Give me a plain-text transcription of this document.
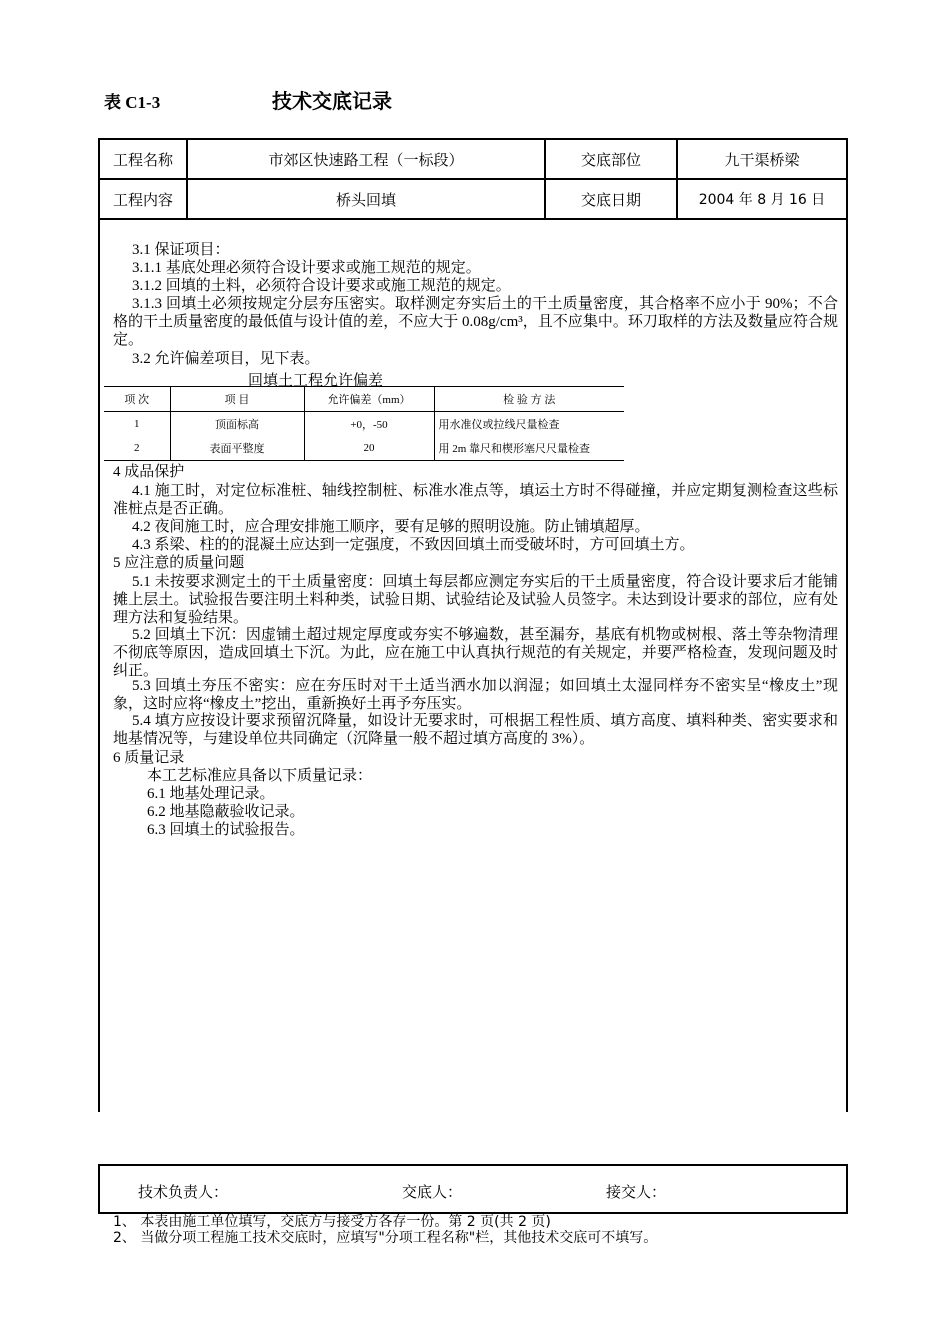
表 C1-3	技术交底记录
工程名称	市郊区快速路工程（一标段）	交底部位	九干渠桥梁
工程内容	桥头回填	交底日期	2004 年 8 月 16 日
3.1 保证项目：
3.1.1 基底处理必须符合设计要求或施工规范的规定。
3.1.2 回填的土料，必须符合设计要求或施工规范的规定。
3.1.3 回填土必须按规定分层夯压密实。取样测定夯实后土的干土质量密度，其合格率不应小于 90%；不合格的干土质量密度的最低值与设计值的差，不应大于 0.08g/cm³，且不应集中。环刀取样的方法及数量应符合规定。
3.2 允许偏差项目，见下表。
回填土工程允许偏差
项 次	项 目	允许偏差（mm）	检 验 方 法
1	顶面标高	+0，-50	用水准仪或拉线尺量检查
2	表面平整度	20	用 2m 靠尺和楔形塞尺尺量检查
4 成品保护
4.1 施工时，对定位标准桩、轴线控制桩、标准水准点等，填运土方时不得碰撞，并应定期复测检查这些标准桩点是否正确。
4.2 夜间施工时，应合理安排施工顺序，要有足够的照明设施。防止铺填超厚。
4.3 系梁、柱的的混凝土应达到一定强度，不致因回填土而受破坏时，方可回填土方。
5 应注意的质量问题
5.1 未按要求测定土的干土质量密度：回填土每层都应测定夯实后的干土质量密度，符合设计要求后才能铺摊上层土。试验报告要注明土料种类，试验日期、试验结论及试验人员签字。未达到设计要求的部位，应有处理方法和复验结果。
5.2 回填土下沉：因虚铺土超过规定厚度或夯实不够遍数，甚至漏夯，基底有机物或树根、落土等杂物清理不彻底等原因，造成回填土下沉。为此，应在施工中认真执行规范的有关规定，并要严格检查，发现问题及时纠正。
5.3 回填土夯压不密实：应在夯压时对干土适当洒水加以润湿；如回填土太湿同样夯不密实呈“橡皮土”现象，这时应将“橡皮土”挖出，重新换好土再予夯压实。
5.4 填方应按设计要求预留沉降量，如设计无要求时，可根据工程性质、填方高度、填料种类、密实要求和地基情况等，与建设单位共同确定（沉降量一般不超过填方高度的 3%）。
6 质量记录
本工艺标准应具备以下质量记录：
6.1 地基处理记录。
6.2 地基隐蔽验收记录。
6.3 回填土的试验报告。
技术负责人：	交底人：	接交人：
1、 本表由施工单位填写，交底方与接受方各存一份。第 2 页(共 2 页)
2、 当做分项工程施工技术交底时，应填写"分项工程名称"栏，其他技术交底可不填写。
